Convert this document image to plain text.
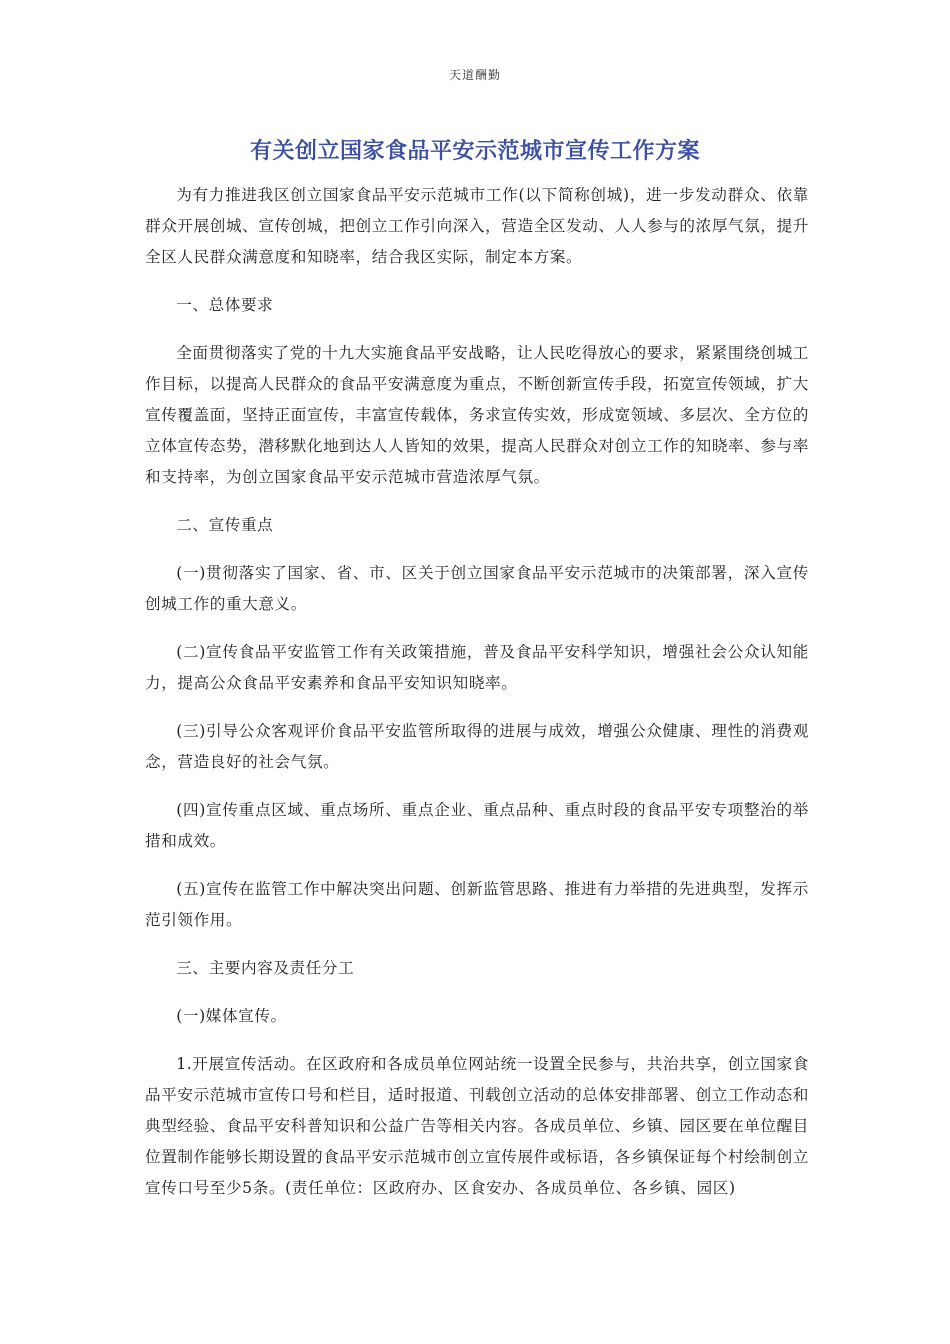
天道酬勤
有关创立国家食品平安示范城市宣传工作方案

为有力推进我区创立国家食品平安示范城市工作(以下简称创城)，进一步发动群众、依靠群众开展创城、宣传创城，把创立工作引向深入，营造全区发动、人人参与的浓厚气氛，提升全区人民群众满意度和知晓率，结合我区实际，制定本方案。

一、总体要求

全面贯彻落实了党的十九大实施食品平安战略，让人民吃得放心的要求，紧紧围绕创城工作目标，以提高人民群众的食品平安满意度为重点，不断创新宣传手段，拓宽宣传领域，扩大宣传覆盖面，坚持正面宣传，丰富宣传载体，务求宣传实效，形成宽领域、多层次、全方位的立体宣传态势，潜移默化地到达人人皆知的效果，提高人民群众对创立工作的知晓率、参与率和支持率，为创立国家食品平安示范城市营造浓厚气氛。

二、宣传重点

(一)贯彻落实了国家、省、市、区关于创立国家食品平安示范城市的决策部署，深入宣传创城工作的重大意义。

(二)宣传食品平安监管工作有关政策措施，普及食品平安科学知识，增强社会公众认知能力，提高公众食品平安素养和食品平安知识知晓率。

(三)引导公众客观评价食品平安监管所取得的进展与成效，增强公众健康、理性的消费观念，营造良好的社会气氛。

(四)宣传重点区域、重点场所、重点企业、重点品种、重点时段的食品平安专项整治的举措和成效。

(五)宣传在监管工作中解决突出问题、创新监管思路、推进有力举措的先进典型，发挥示范引领作用。

三、主要内容及责任分工

(一)媒体宣传。

1.开展宣传活动。在区政府和各成员单位网站统一设置全民参与，共治共享，创立国家食品平安示范城市宣传口号和栏目，适时报道、刊载创立活动的总体安排部署、创立工作动态和典型经验、食品平安科普知识和公益广告等相关内容。各成员单位、乡镇、园区要在单位醒目位置制作能够长期设置的食品平安示范城市创立宣传展件或标语，各乡镇保证每个村绘制创立宣传口号至少5条。(责任单位：区政府办、区食安办、各成员单位、各乡镇、园区)
